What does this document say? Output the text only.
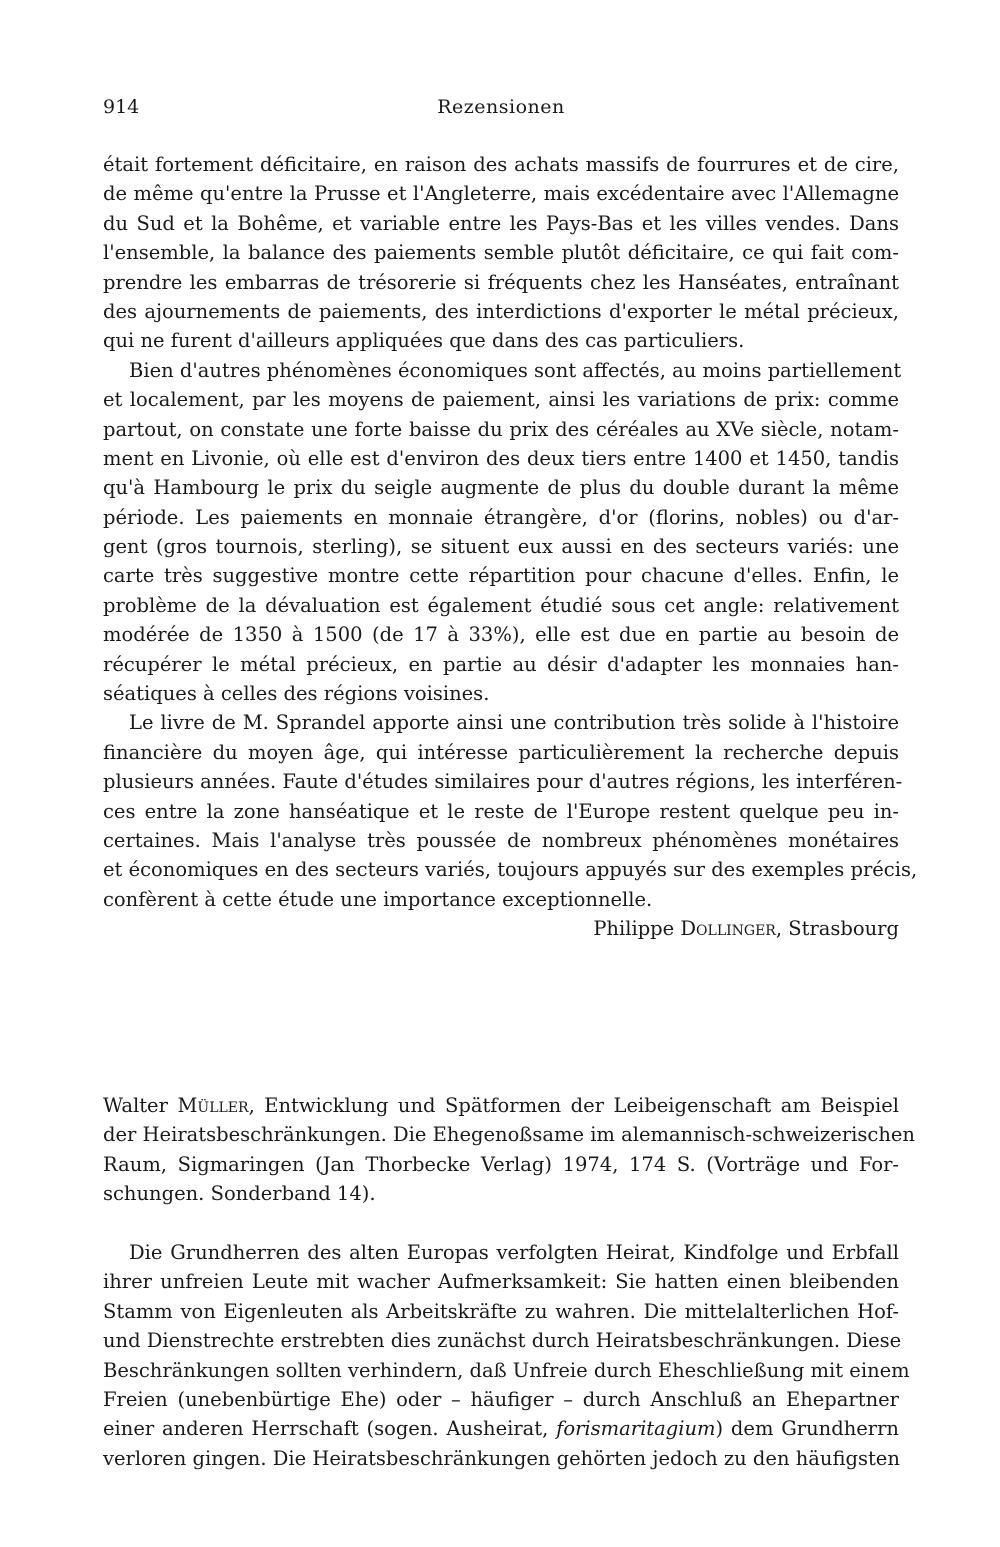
914	Rezensionen
était fortement déficitaire, en raison des achats massifs de fourrures et de cire,
de même qu'entre la Prusse et l'Angleterre, mais excédentaire avec l'Allemagne
du Sud et la Bohême, et variable entre les Pays-Bas et les villes vendes. Dans
l'ensemble, la balance des paiements semble plutôt déficitaire, ce qui fait com-
prendre les embarras de trésorerie si fréquents chez les Hanséates, entraînant
des ajournements de paiements, des interdictions d'exporter le métal précieux,
qui ne furent d'ailleurs appliquées que dans des cas particuliers.
Bien d'autres phénomènes économiques sont affectés, au moins partiellement
et localement, par les moyens de paiement, ainsi les variations de prix: comme
partout, on constate une forte baisse du prix des céréales au XVe siècle, notam-
ment en Livonie, où elle est d'environ des deux tiers entre 1400 et 1450, tandis
qu'à Hambourg le prix du seigle augmente de plus du double durant la même
période. Les paiements en monnaie étrangère, d'or (florins, nobles) ou d'ar-
gent (gros tournois, sterling), se situent eux aussi en des secteurs variés: une
carte très suggestive montre cette répartition pour chacune d'elles. Enfin, le
problème de la dévaluation est également étudié sous cet angle: relativement
modérée de 1350 à 1500 (de 17 à 33%), elle est due en partie au besoin de
récupérer le métal précieux, en partie au désir d'adapter les monnaies han-
séatiques à celles des régions voisines.
Le livre de M. Sprandel apporte ainsi une contribution très solide à l'histoire
financière du moyen âge, qui intéresse particulièrement la recherche depuis
plusieurs années. Faute d'études similaires pour d'autres régions, les interféren-
ces entre la zone hanséatique et le reste de l'Europe restent quelque peu in-
certaines. Mais l'analyse très poussée de nombreux phénomènes monétaires
et économiques en des secteurs variés, toujours appuyés sur des exemples précis,
confèrent à cette étude une importance exceptionnelle.
Philippe Dollinger, Strasbourg
Walter Müller, Entwicklung und Spätformen der Leibeigenschaft am Beispiel
der Heiratsbeschränkungen. Die Ehegenoßsame im alemannisch-schweizerischen
Raum, Sigmaringen (Jan Thorbecke Verlag) 1974, 174 S. (Vorträge und For-
schungen. Sonderband 14).
Die Grundherren des alten Europas verfolgten Heirat, Kindfolge und Erbfall
ihrer unfreien Leute mit wacher Aufmerksamkeit: Sie hatten einen bleibenden
Stamm von Eigenleuten als Arbeitskräfte zu wahren. Die mittelalterlichen Hof-
und Dienstrechte erstrebten dies zunächst durch Heiratsbeschränkungen. Diese
Beschränkungen sollten verhindern, daß Unfreie durch Eheschließung mit einem
Freien (unebenbürtige Ehe) oder – häufiger – durch Anschluß an Ehepartner
einer anderen Herrschaft (sogen. Ausheirat, forismaritagium) dem Grundherrn
verloren gingen. Die Heiratsbeschränkungen gehörten jedoch zu den häufigsten
